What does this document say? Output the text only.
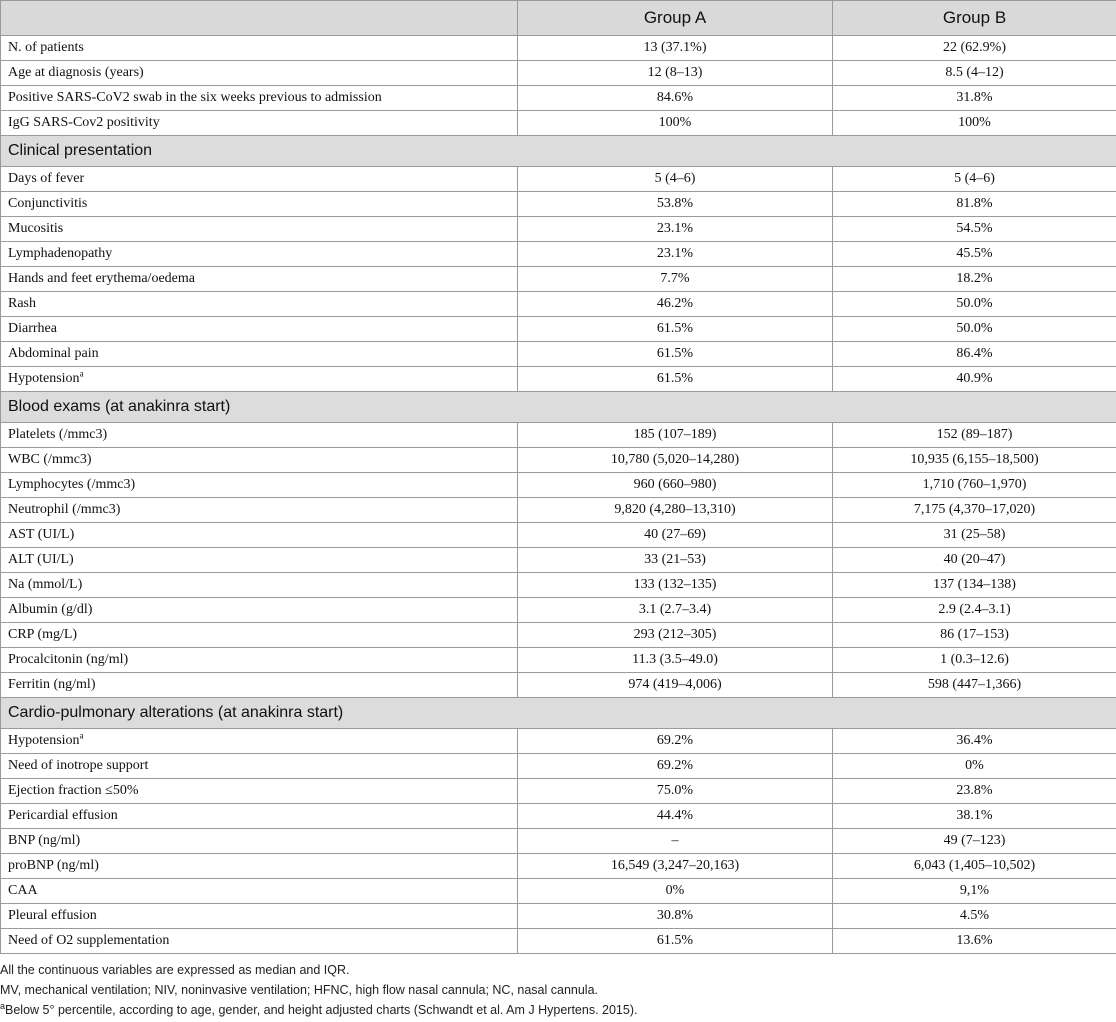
	Group A	Group B
N. of patients	13 (37.1%)	22 (62.9%)
Age at diagnosis (years)	12 (8–13)	8.5 (4–12)
Positive SARS-CoV2 swab in the six weeks previous to admission	84.6%	31.8%
IgG SARS-Cov2 positivity	100%	100%
Clinical presentation		
Days of fever	5 (4–6)	5 (4–6)
Conjunctivitis	53.8%	81.8%
Mucositis	23.1%	54.5%
Lymphadenopathy	23.1%	45.5%
Hands and feet erythema/oedema	7.7%	18.2%
Rash	46.2%	50.0%
Diarrhea	61.5%	50.0%
Abdominal pain	61.5%	86.4%
Hypotension$^a$	61.5%	40.9%
Blood exams (at anakinra start)		
Platelets (/mmc3)	185 (107–189)	152 (89–187)
WBC (/mmc3)	10,780 (5,020–14,280)	10,935 (6,155–18,500)
Lymphocytes (/mmc3)	960 (660–980)	1,710 (760–1,970)
Neutrophil (/mmc3)	9,820 (4,280–13,310)	7,175 (4,370–17,020)
AST (UI/L)	40 (27–69)	31 (25–58)
ALT (UI/L)	33 (21–53)	40 (20–47)
Na (mmol/L)	133 (132–135)	137 (134–138)
Albumin (g/dl)	3.1 (2.7–3.4)	2.9 (2.4–3.1)
CRP (mg/L)	293 (212–305)	86 (17–153)
Procalcitonin (ng/ml)	11.3 (3.5–49.0)	1 (0.3–12.6)
Ferritin (ng/ml)	974 (419–4,006)	598 (447–1,366)
Cardio-pulmonary alterations (at anakinra start)		
Hypotension$^a$	69.2%	36.4%
Need of inotrope support	69.2%	0%
Ejection fraction ≤50%	75.0%	23.8%
Pericardial effusion	44.4%	38.1%
BNP (ng/ml)	–	49 (7–123)
proBNP (ng/ml)	16,549 (3,247–20,163)	6,043 (1,405–10,502)
CAA	0%	9,1%
Pleural effusion	30.8%	4.5%
Need of O2 supplementation	61.5%	13.6%

All the continuous variables are expressed as median and IQR.

MV, mechanical ventilation; NIV, noninvasive ventilation; HFNC, high flow nasal cannula; NC, nasal cannula.

$^a$Below 5° percentile, according to age, gender, and height adjusted charts (Schwandt et al. Am J Hypertens. 2015).
